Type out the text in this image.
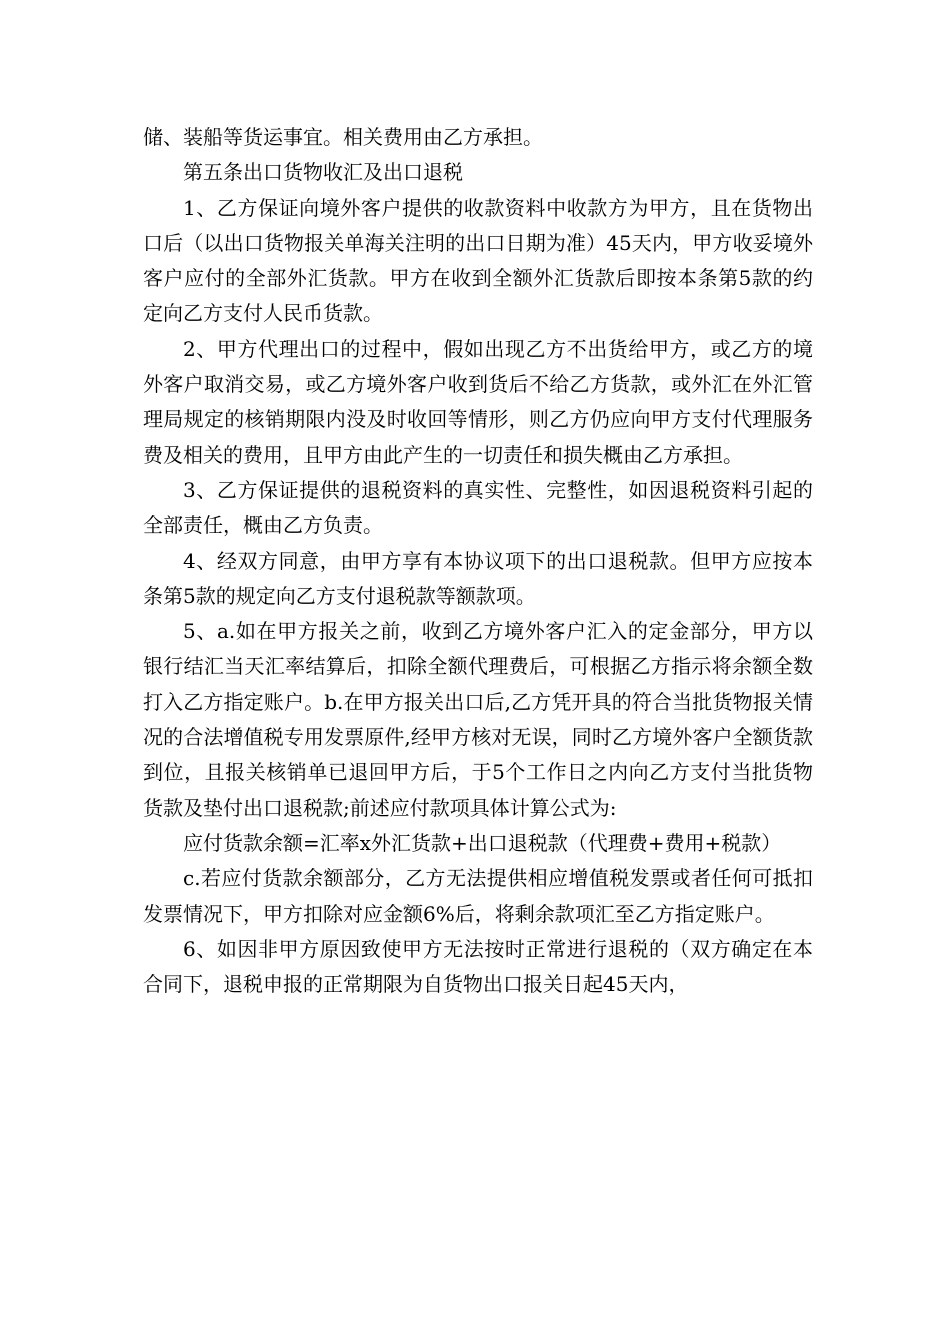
储、装船等货运事宜。相关费用由乙方承担。

第五条出口货物收汇及出口退税

1、乙方保证向境外客户提供的收款资料中收款方为甲方，且在货物出口后（以出口货物报关单海关注明的出口日期为准）45天内，甲方收妥境外客户应付的全部外汇货款。甲方在收到全额外汇货款后即按本条第5款的约定向乙方支付人民币货款。

2、甲方代理出口的过程中，假如出现乙方不出货给甲方，或乙方的境外客户取消交易，或乙方境外客户收到货后不给乙方货款，或外汇在外汇管理局规定的核销期限内没及时收回等情形，则乙方仍应向甲方支付代理服务费及相关的费用，且甲方由此产生的一切责任和损失概由乙方承担。

3、乙方保证提供的退税资料的真实性、完整性，如因退税资料引起的全部责任，概由乙方负责。

4、经双方同意，由甲方享有本协议项下的出口退税款。但甲方应按本条第5款的规定向乙方支付退税款等额款项。

5、a.如在甲方报关之前，收到乙方境外客户汇入的定金部分，甲方以银行结汇当天汇率结算后，扣除全额代理费后，可根据乙方指示将余额全数打入乙方指定账户。b.在甲方报关出口后,乙方凭开具的符合当批货物报关情况的合法增值税专用发票原件,经甲方核对无误，同时乙方境外客户全额货款到位，且报关核销单已退回甲方后，于5个工作日之内向乙方支付当批货物货款及垫付出口退税款;前述应付款项具体计算公式为:

应付货款余额=汇率x外汇货款+出口退税款（代理费+费用+税款）

c.若应付货款余额部分，乙方无法提供相应增值税发票或者任何可抵扣发票情况下，甲方扣除对应金额6%后，将剩余款项汇至乙方指定账户。

6、如因非甲方原因致使甲方无法按时正常进行退税的（双方确定在本合同下，退税申报的正常期限为自货物出口报关日起45天内，
